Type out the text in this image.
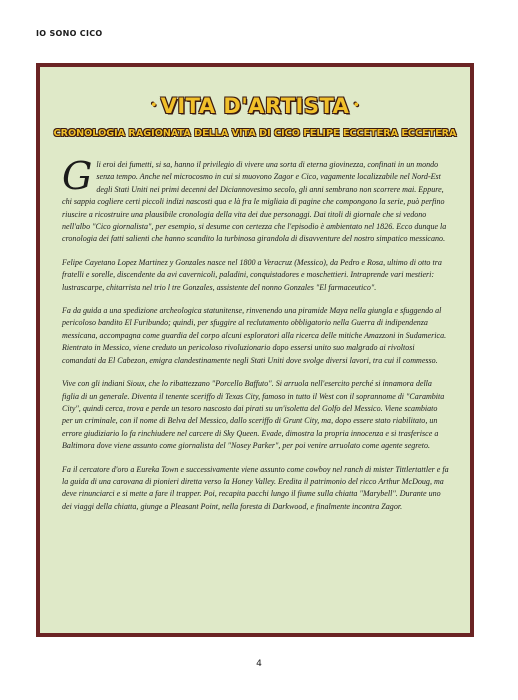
IO SONO CICO
• VITA D'ARTISTA •
CRONOLOGIA RAGIONATA DELLA VITA DI CICO FELIPE ECCETERA ECCETERA

Gli eroi dei fumetti, si sa, hanno il privilegio di vivere una sorta di eterna giovinezza, confinati in un mondo senza tempo. Anche nel microcosmo in cui si muovono Zagor e Cico, vagamente localizzabile nel Nord-Est degli Stati Uniti nei primi decenni del Diciannovesimo secolo, gli anni sembrano non scorrere mai. Eppure, chi sappia cogliere certi piccoli indizi nascosti qua e là fra le migliaia di pagine che compongono la serie, può perfino riuscire a ricostruire una plausibile cronologia della vita dei due personaggi. Dai titoli di giornale che si vedono nell'albo "Cico giornalista", per esempio, si desume con certezza che l'episodio è ambientato nel 1826. Ecco dunque la cronologia dei fatti salienti che hanno scandito la turbinosa girandola di disavventure del nostro simpatico messicano.

Felipe Cayetano Lopez Martinez y Gonzales nasce nel 1800 a Veracruz (Messico), da Pedro e Rosa, ultimo di otto tra fratelli e sorelle, discendente da avi cavernicoli, paladini, conquistadores e moschettieri. Intraprende vari mestieri: lustrascarpe, chitarrista nel trio l tre Gonzales, assistente del nonno Gonzales "El farmaceutico".

Fa da guida a una spedizione archeologica statunitense, rinvenendo una piramide Maya nella giungla e sfuggendo al pericoloso bandito El Furibundo; quindi, per sfuggire al reclutamento obbligatorio nella Guerra di indipendenza messicana, accompagna come guardia del corpo alcuni esploratori alla ricerca delle mitiche Amazzoni in Sudamerica. Rientrato in Messico, viene creduto un pericoloso rivoluzionario dopo essersi unito suo malgrado ai rivoltosi comandati da El Cabezon, emigra clandestinamente negli Stati Uniti dove svolge diversi lavori, tra cui il commesso.

Vive con gli indiani Sioux, che lo ribattezzano "Porcello Baffuto". Si arruola nell'esercito perché si innamora della figlia di un generale. Diventa il tenente sceriffo di Texas City, famoso in tutto il West con il soprannome di "Carambita City", quindi cerca, trova e perde un tesoro nascosto dai pirati su un'isoletta del Golfo del Messico. Viene scambiato per un criminale, con il nome di Belva del Messico, dallo sceriffo di Grunt City, ma, dopo essere stato riabilitato, un errore giudiziario lo fa rinchiudere nel carcere di Sky Queen. Evade, dimostra la propria innocenza e si trasferisce a Baltimora dove viene assunto come giornalista del "Nosey Parker", per poi venire arruolato come agente segreto.

Fa il cercatore d'oro a Eureka Town e successivamente viene assunto come cowboy nel ranch di mister Tittlertattler e fa la guida di una carovana di pionieri diretta verso la Honey Valley. Eredita il patrimonio del ricco Arthur McDoug, ma deve rinunciarci e si mette a fare il trapper. Poi, recapita pacchi lungo il fiume sulla chiatta "Marybell". Durante uno dei viaggi della chiatta, giunge a Pleasant Point, nella foresta di Darkwood, e finalmente incontra Zagor.

4
